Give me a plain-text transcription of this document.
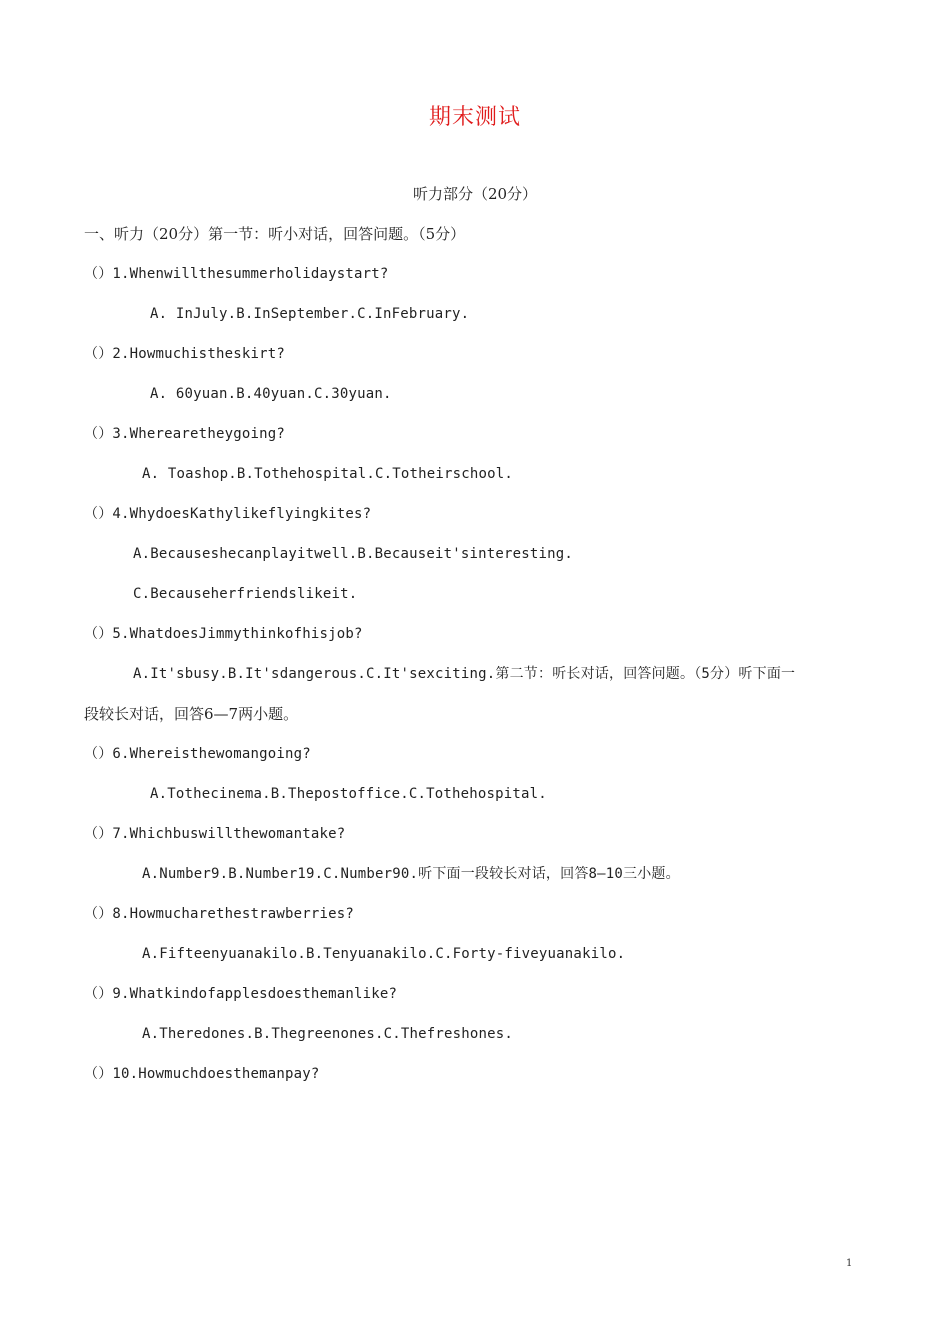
期末测试
听力部分（20分）
一、听力（20分）第一节：听小对话，回答问题。（5分）
（）1.Whenwillthesummerholidaystart?
A. InJuly.B.InSeptember.C.InFebruary.
（）2.Howmuchistheskirt?
A. 60yuan.B.40yuan.C.30yuan.
（）3.Wherearetheygoing?
A. Toashop.B.Tothehospital.C.Totheirschool.
（）4.WhydoesKathylikeflyingkites?
A.Becauseshecanplayitwell.B.Becauseit'sinteresting.
C.Becauseherfriendslikeit.
（）5.WhatdoesJimmythinkofhisjob?
A.It'sbusy.B.It'sdangerous.C.It'sexciting.第二节：听长对话，回答问题。（5分）听下面一
段较长对话，回答6—7两小题。
（）6.Whereisthewomangoing?
A.Tothecinema.B.Thepostoffice.C.Tothehospital.
（）7.Whichbuswillthewomantake?
A.Number9.B.Number19.C.Number90.听下面一段较长对话，回答8—10三小题。
（）8.Howmucharethestrawberries?
A.Fifteenyuanakilo.B.Tenyuanakilo.C.Forty-fiveyuanakilo.
（）9.Whatkindofapplesdoesthemanlike?
A.Theredones.B.Thegreenones.C.Thefreshones.
（）10.Howmuchdoesthemanpay?
1
